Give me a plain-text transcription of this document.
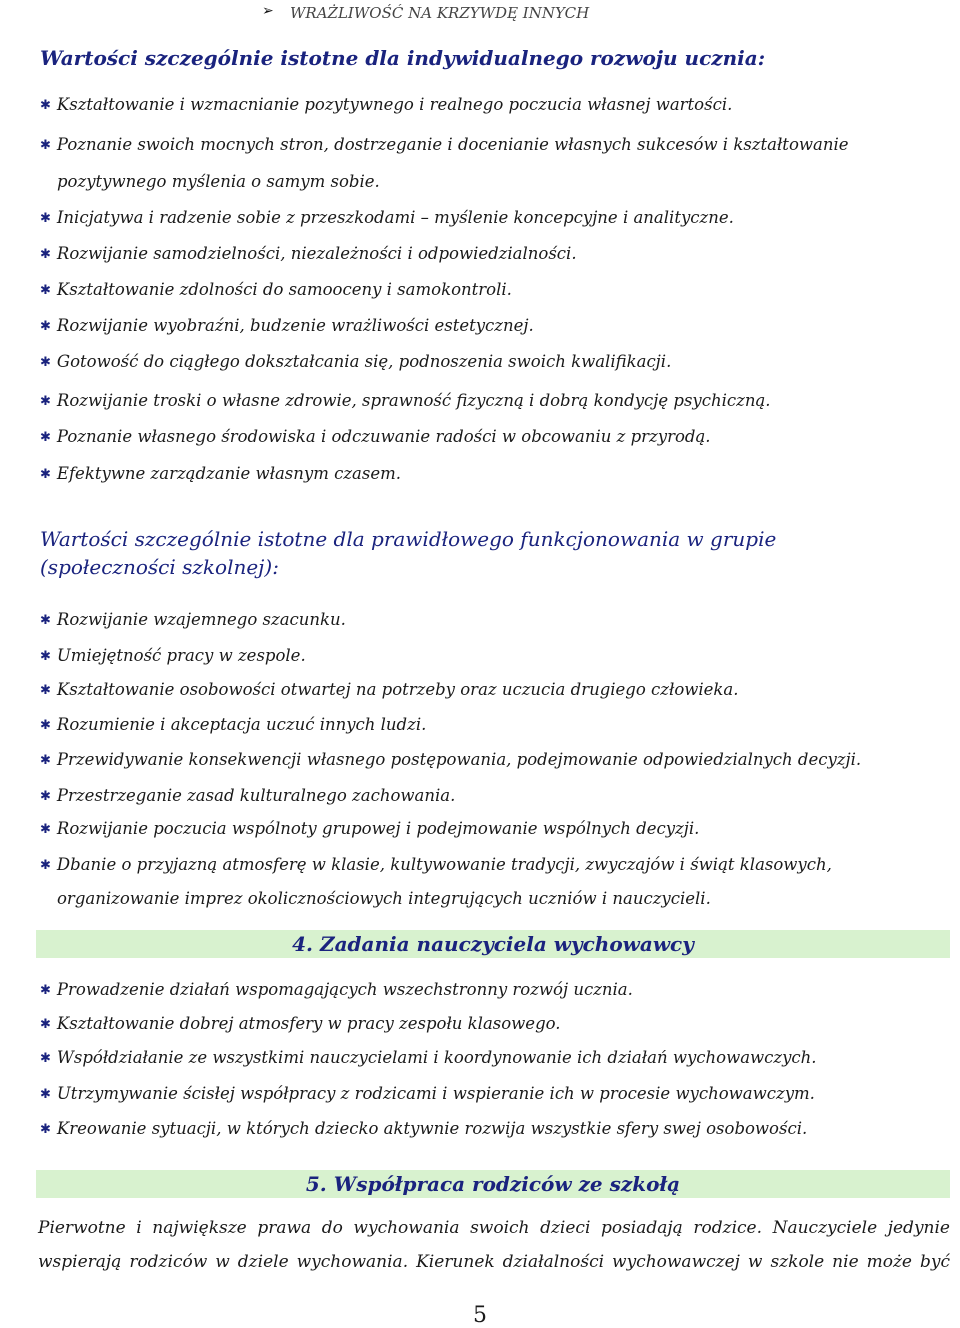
➢ WRAŻLIWOŚĆ NA KRZYWDĘ INNYCH
Wartości szczególnie istotne dla indywidualnego rozwoju ucznia:
✱ Kształtowanie i wzmacnianie pozytywnego i realnego poczucia własnej wartości.
✱ Poznanie swoich mocnych stron, dostrzeganie i docenianie własnych sukcesów i kształtowanie
pozytywnego myślenia o samym sobie.
✱ Inicjatywa i radzenie sobie z przeszkodami – myślenie koncepcyjne i analityczne.
✱ Rozwijanie samodzielności, niezależności i odpowiedzialności.
✱ Kształtowanie zdolności do samooceny i samokontroli.
✱ Rozwijanie wyobraźni, budzenie wrażliwości estetycznej.
✱ Gotowość do ciągłego dokształcania się, podnoszenia swoich kwalifikacji.
✱ Rozwijanie troski o własne zdrowie, sprawność fizyczną i dobrą kondycję psychiczną.
✱ Poznanie własnego środowiska i odczuwanie radości w obcowaniu z przyrodą.
✱ Efektywne zarządzanie własnym czasem.
Wartości szczególnie istotne dla prawidłowego funkcjonowania w grupie
(społeczności szkolnej):
✱ Rozwijanie wzajemnego szacunku.
✱ Umiejętność pracy w zespole.
✱ Kształtowanie osobowości otwartej na potrzeby oraz uczucia drugiego człowieka.
✱ Rozumienie i akceptacja uczuć innych ludzi.
✱ Przewidywanie konsekwencji własnego postępowania, podejmowanie odpowiedzialnych decyzji.
✱ Przestrzeganie zasad kulturalnego zachowania.
✱ Rozwijanie poczucia wspólnoty grupowej i podejmowanie wspólnych decyzji.
✱ Dbanie o przyjazną atmosferę w klasie, kultywowanie tradycji, zwyczajów i świąt klasowych,
organizowanie imprez okolicznościowych integrujących uczniów i nauczycieli.
4. Zadania nauczyciela wychowawcy
✱ Prowadzenie działań wspomagających wszechstronny rozwój ucznia.
✱ Kształtowanie dobrej atmosfery w pracy zespołu klasowego.
✱ Współdziałanie ze wszystkimi nauczycielami i koordynowanie ich działań wychowawczych.
✱ Utrzymywanie ścisłej współpracy z rodzicami i wspieranie ich w procesie wychowawczym.
✱ Kreowanie sytuacji, w których dziecko aktywnie rozwija wszystkie sfery swej osobowości.
5. Współpraca rodziców ze szkołą
Pierwotne i największe prawa do wychowania swoich dzieci posiadają rodzice. Nauczyciele jedynie
wspierają rodziców w dziele wychowania. Kierunek działalności wychowawczej w szkole nie może być
5
